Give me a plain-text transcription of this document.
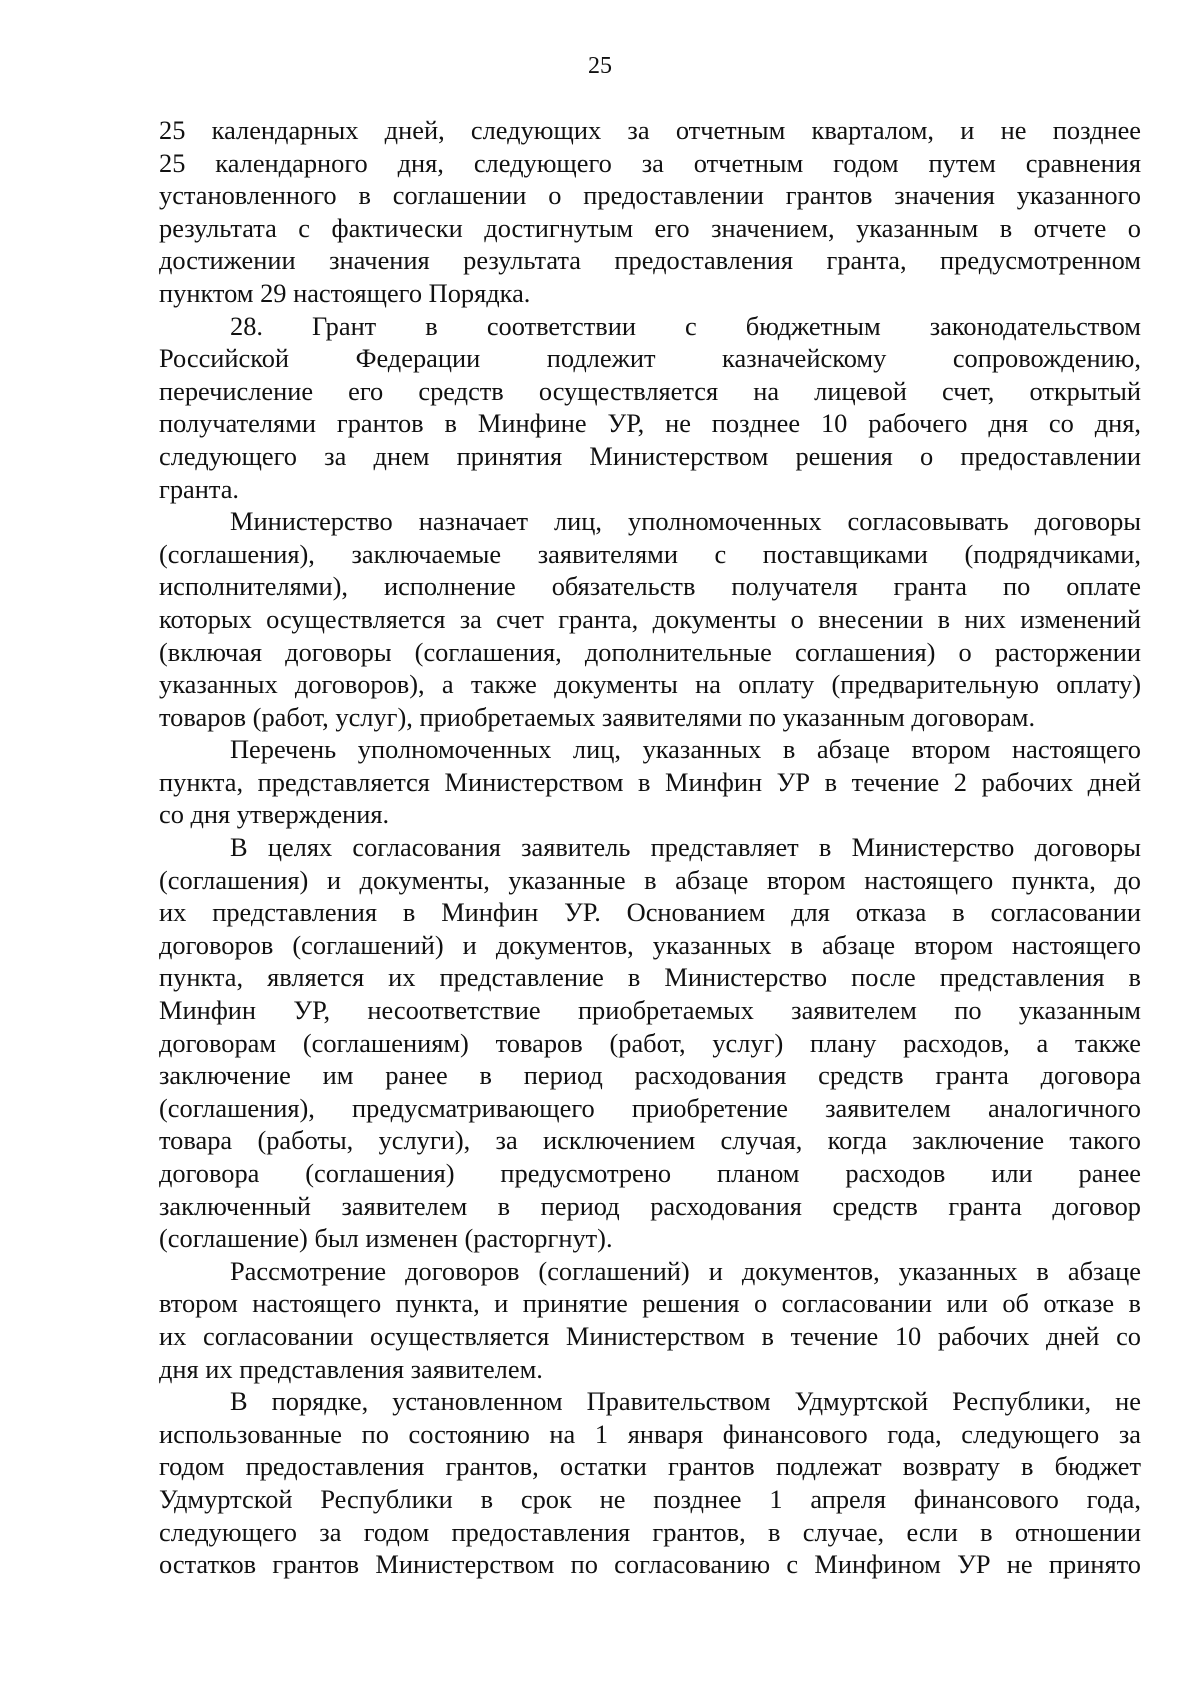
25
25 календарных дней, следующих за отчетным кварталом, и не позднее
25 календарного дня, следующего за отчетным годом путем сравнения
установленного в соглашении о предоставлении грантов значения указанного
результата с фактически достигнутым его значением, указанным в отчете о
достижении значения результата предоставления гранта, предусмотренном
пунктом 29 настоящего Порядка.
28. Грант в соответствии с бюджетным законодательством
Российской Федерации подлежит казначейскому сопровождению,
перечисление его средств осуществляется на лицевой счет, открытый
получателями грантов в Минфине УР, не позднее 10 рабочего дня со дня,
следующего за днем принятия Министерством решения о предоставлении
гранта.
Министерство назначает лиц, уполномоченных согласовывать договоры
(соглашения), заключаемые заявителями с поставщиками (подрядчиками,
исполнителями), исполнение обязательств получателя гранта по оплате
которых осуществляется за счет гранта, документы о внесении в них изменений
(включая договоры (соглашения, дополнительные соглашения) о расторжении
указанных договоров), а также документы на оплату (предварительную оплату)
товаров (работ, услуг), приобретаемых заявителями по указанным договорам.
Перечень уполномоченных лиц, указанных в абзаце втором настоящего
пункта, представляется Министерством в Минфин УР в течение 2 рабочих дней
со дня утверждения.
В целях согласования заявитель представляет в Министерство договоры
(соглашения) и документы, указанные в абзаце втором настоящего пункта, до
их представления в Минфин УР. Основанием для отказа в согласовании
договоров (соглашений) и документов, указанных в абзаце втором настоящего
пункта, является их представление в Министерство после представления в
Минфин УР, несоответствие приобретаемых заявителем по указанным
договорам (соглашениям) товаров (работ, услуг) плану расходов, а также
заключение им ранее в период расходования средств гранта договора
(соглашения), предусматривающего приобретение заявителем аналогичного
товара (работы, услуги), за исключением случая, когда заключение такого
договора (соглашения) предусмотрено планом расходов или ранее
заключенный заявителем в период расходования средств гранта договор
(соглашение) был изменен (расторгнут).
Рассмотрение договоров (соглашений) и документов, указанных в абзаце
втором настоящего пункта, и принятие решения о согласовании или об отказе в
их согласовании осуществляется Министерством в течение 10 рабочих дней со
дня их представления заявителем.
В порядке, установленном Правительством Удмуртской Республики, не
использованные по состоянию на 1 января финансового года, следующего за
годом предоставления грантов, остатки грантов подлежат возврату в бюджет
Удмуртской Республики в срок не позднее 1 апреля финансового года,
следующего за годом предоставления грантов, в случае, если в отношении
остатков грантов Министерством по согласованию с Минфином УР не принято
